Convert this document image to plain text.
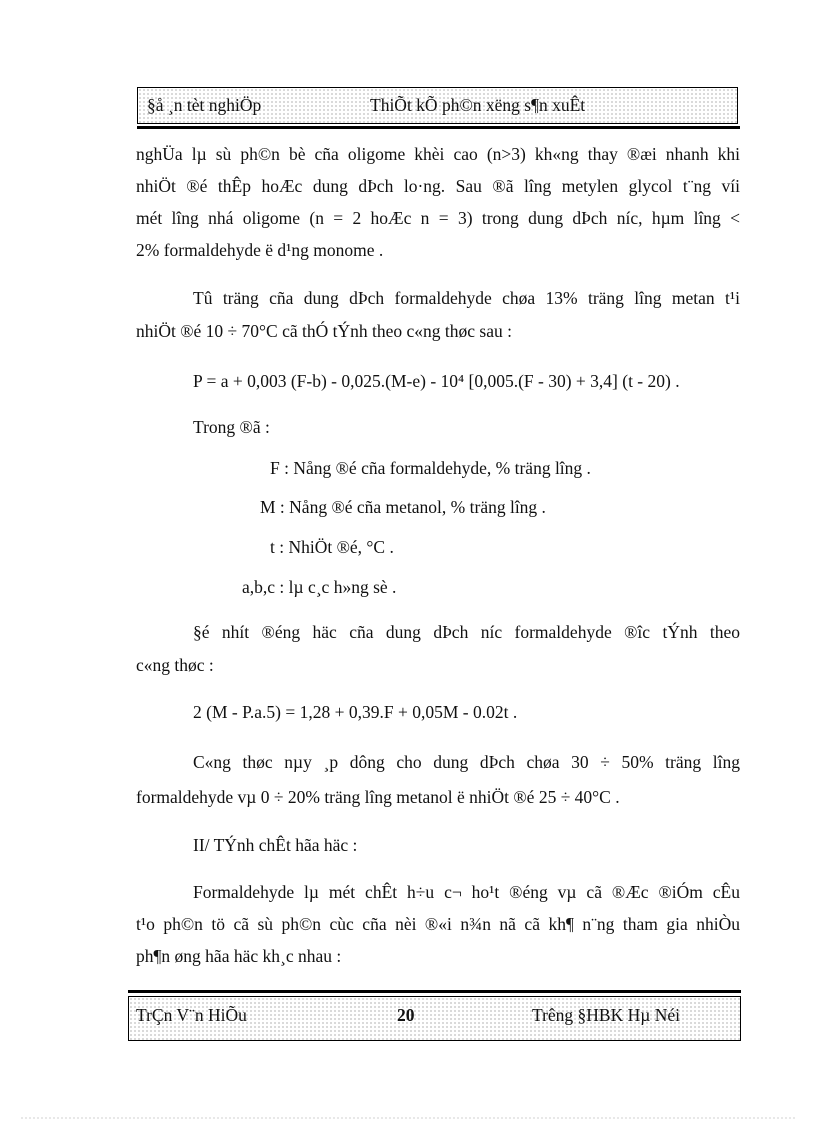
§å ¸n tèt nghiÖp	ThiÕt kÕ ph©n xëng s¶n xuÊt
nghÜa lµ sù ph©n bè cña oligome khèi cao (n>3) kh«ng thay ®æi nhanh khi
nhiÖt ®é thÊp hoÆc dung dÞch lo·ng. Sau ®ã lîng metylen glycol t¨ng víi
mét lîng nhá oligome (n = 2 hoÆc n = 3) trong dung dÞch níc, hµm lîng <
2% formaldehyde ë d¹ng monome .
Tû träng cña dung dÞch formaldehyde chøa 13% träng lîng metan t¹i
nhiÖt ®é 10 ÷ 70°C cã thÓ tÝnh theo c«ng thøc sau :
P = a + 0,003 (F-b) - 0,025.(M-e) - 10⁴ [0,005.(F - 30) + 3,4] (t - 20) .
Trong ®ã :
F : Nång ®é cña formaldehyde, % träng lîng .
M : Nång ®é cña metanol, % träng lîng .
t : NhiÖt ®é, °C .
a,b,c : lµ c¸c h»ng sè .
§é nhít ®éng häc cña dung dÞch níc formaldehyde ®îc tÝnh theo
c«ng thøc :
2 (M - P.a.5) = 1,28 + 0,39.F + 0,05M - 0.02t .
C«ng thøc nµy ¸p dông cho dung dÞch chøa 30 ÷ 50% träng lîng
formaldehyde vµ 0 ÷ 20% träng lîng metanol ë nhiÖt ®é 25 ÷ 40°C .
II/ TÝnh chÊt hãa häc :
Formaldehyde lµ mét chÊt h÷u c¬ ho¹t ®éng vµ cã ®Æc ®iÓm cÊu
t¹o ph©n tö cã sù ph©n cùc cña nèi ®«i n¾n nã cã kh¶ n¨ng tham gia nhiÒu
ph¶n øng hãa häc kh¸c nhau :
TrÇn V¨n HiÕu	20	Trêng §HBK Hµ Néi
